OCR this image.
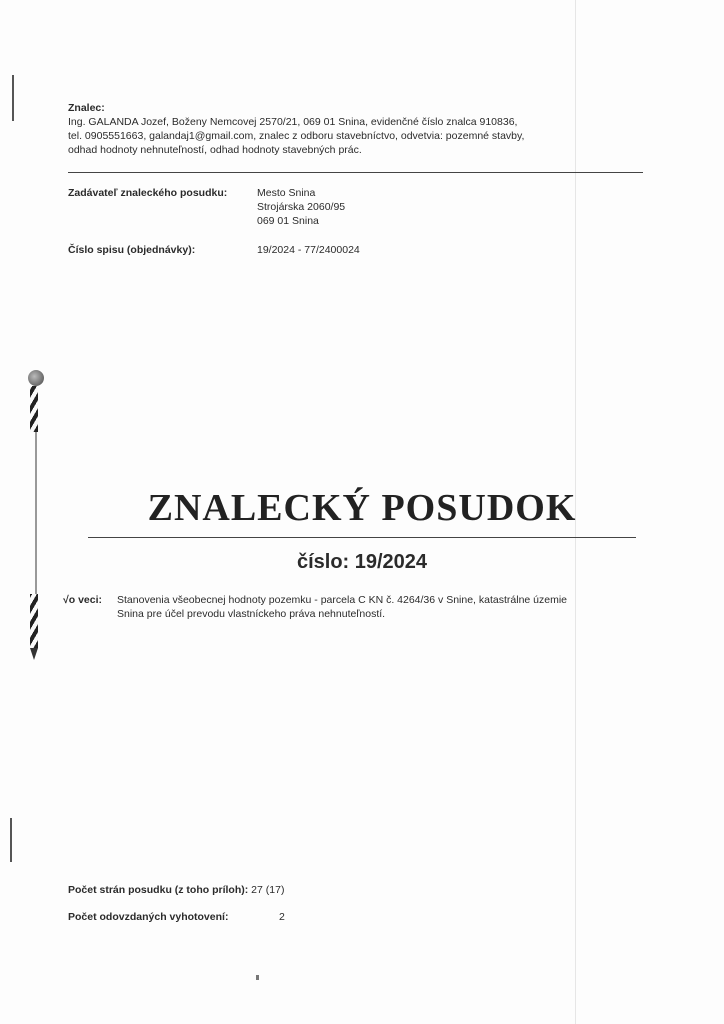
Znalec:
Ing. GALANDA Jozef, Boženy Nemcovej 2570/21, 069 01 Snina, evidenčné číslo znalca 910836,
tel. 0905551663, galandaj1@gmail.com, znalec z odboru stavebníctvo, odvetvia: pozemné stavby,
odhad hodnoty nehnuteľností, odhad hodnoty stavebných prác.
Zadávateľ znaleckého posudku:	Mesto Snina
Strojárska 2060/95
069 01 Snina
Číslo spisu (objednávky):	19/2024 - 77/2400024
ZNALECKÝ POSUDOK
číslo: 19/2024
√o veci: Stanovenia všeobecnej hodnoty pozemku - parcela C KN č. 4264/36 v Snine, katastrálne územie
Snina pre účel prevodu vlastníckeho práva nehnuteľností.
Počet strán posudku (z toho príloh): 27 (17)
Počet odovzdaných vyhotovení:	2
